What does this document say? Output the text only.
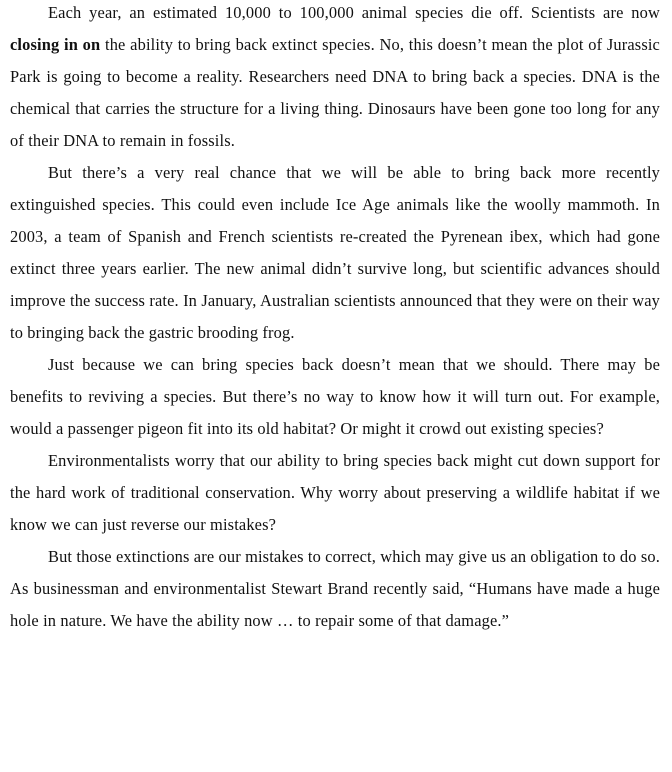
Each year, an estimated 10,000 to 100,000 animal species die off. Scientists are now closing in on the ability to bring back extinct species. No, this doesn’t mean the plot of Jurassic Park is going to become a reality. Researchers need DNA to bring back a species. DNA is the chemical that carries the structure for a living thing. Dinosaurs have been gone too long for any of their DNA to remain in fossils.

But there’s a very real chance that we will be able to bring back more recently extinguished species. This could even include Ice Age animals like the woolly mammoth. In 2003, a team of Spanish and French scientists re-created the Pyrenean ibex, which had gone extinct three years earlier. The new animal didn’t survive long, but scientific advances should improve the success rate. In January, Australian scientists announced that they were on their way to bringing back the gastric brooding frog.

Just because we can bring species back doesn’t mean that we should. There may be benefits to reviving a species. But there’s no way to know how it will turn out. For example, would a passenger pigeon fit into its old habitat? Or might it crowd out existing species?

Environmentalists worry that our ability to bring species back might cut down support for the hard work of traditional conservation. Why worry about preserving a wildlife habitat if we know we can just reverse our mistakes?

But those extinctions are our mistakes to correct, which may give us an obligation to do so. As businessman and environmentalist Stewart Brand recently said, “Humans have made a huge hole in nature. We have the ability now … to repair some of that damage.”
